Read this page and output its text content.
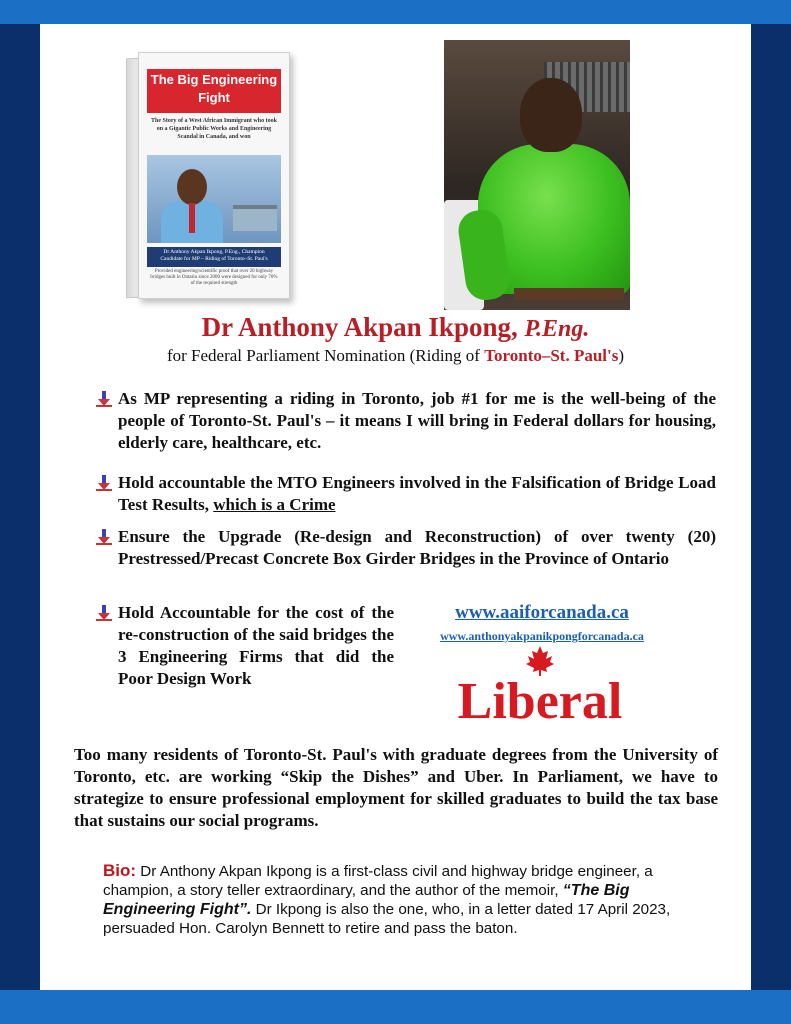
The Big Engineering Fight
The Story of a West African Immigrant who took on a Gigantic Public Works and Engineering Scandal in Canada, and won
Dr Anthony Akpan Ikpong, P.Eng., Champion
Candidate for MP – Riding of Toronto–St. Paul's
Provided engineering/scientific proof that over 20 highway bridges built in Ontario since 2000 were designed for only 70% of the required strength
Dr Anthony Akpan Ikpong, P.Eng.
for Federal Parliament Nomination (Riding of Toronto–St. Paul's)
As MP representing a riding in Toronto, job #1 for me is the well-being of the people of Toronto-St. Paul's – it means I will bring in Federal dollars for housing, elderly care, healthcare, etc.
Hold accountable the MTO Engineers involved in the Falsification of Bridge Load Test Results, which is a Crime
Ensure the Upgrade (Re-design and Reconstruction) of over twenty (20) Prestressed/Precast Concrete Box Girder Bridges in the Province of Ontario
Hold Accountable for the cost of the re-construction of the said bridges the 3 Engineering Firms that did the Poor Design Work
www.aaiforcanada.ca
www.anthonyakpanikpongforcanada.ca
Liberal
Too many residents of Toronto-St. Paul's with graduate degrees from the University of Toronto, etc. are working “Skip the Dishes” and Uber. In Parliament, we have to strategize to ensure professional employment for skilled graduates to build the tax base that sustains our social programs.
Bio: Dr Anthony Akpan Ikpong is a first-class civil and highway bridge engineer, a champion, a story teller extraordinary, and the author of the memoir, “The Big Engineering Fight”. Dr Ikpong is also the one, who, in a letter dated 17 April 2023, persuaded Hon. Carolyn Bennett to retire and pass the baton.
